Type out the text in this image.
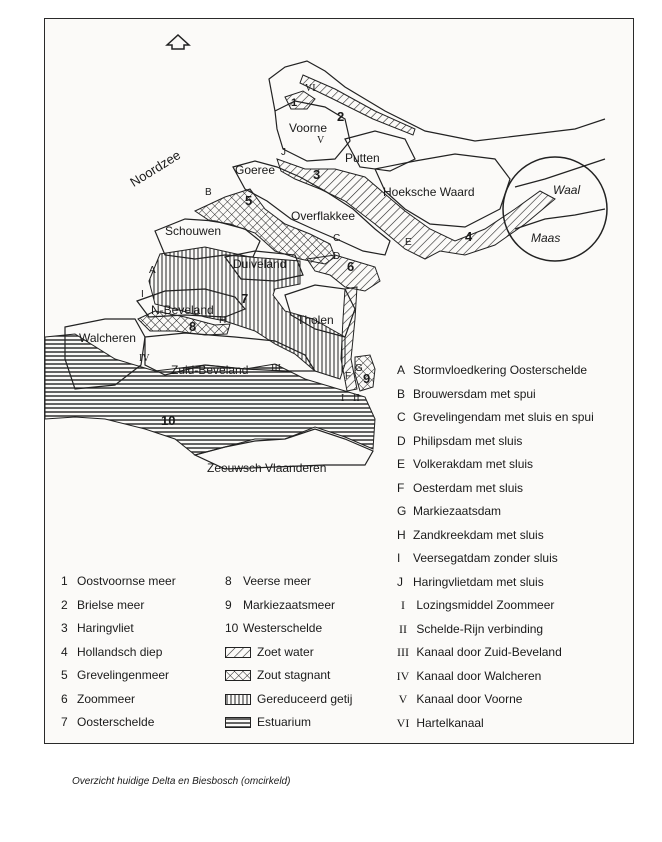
Noordzee
Voorne
Putten
Goeree
Hoeksche Waard
Overflakkee
Schouwen
Duiveland
Tholen
N-Beveland
Walcheren
Zuid-Beveland
Zeeuwsch Vlaanderen
Waal
Maas
1
2
3
4
5
6
7
8
9
10
A
B
C
D
E
F
G
H
I
J
I II
III
IV
V
VI
A Stormvloedkering Oosterschelde
B Brouwersdam met spui
C Grevelingendam met sluis en spui
D Philipsdam met sluis
E Volkerakdam met sluis
F Oesterdam met sluis
G Markiezaatsdam
H Zandkreekdam met sluis
I	Veersegatdam zonder sluis
J Haringvlietdam met sluis
1 Oostvoornse meer
2 Brielse meer
3 Haringvliet
4 Hollandsch diep
5 Grevelingenmeer
6 Zoommeer
7 Oosterschelde
8 Veerse meer
9 Markiezaatsmeer
10 Westerschelde
Zoet water
Zout stagnant
Gereduceerd getij
Estuarium
I
Lozingsmiddel Zoommeer
II
Schelde-Rijn verbinding
III
Kanaal door Zuid-Beveland
IV
Kanaal door Walcheren
V
Kanaal door Voorne
VI
Hartelkanaal
Overzicht huidige Delta en Biesbosch (omcirkeld)
